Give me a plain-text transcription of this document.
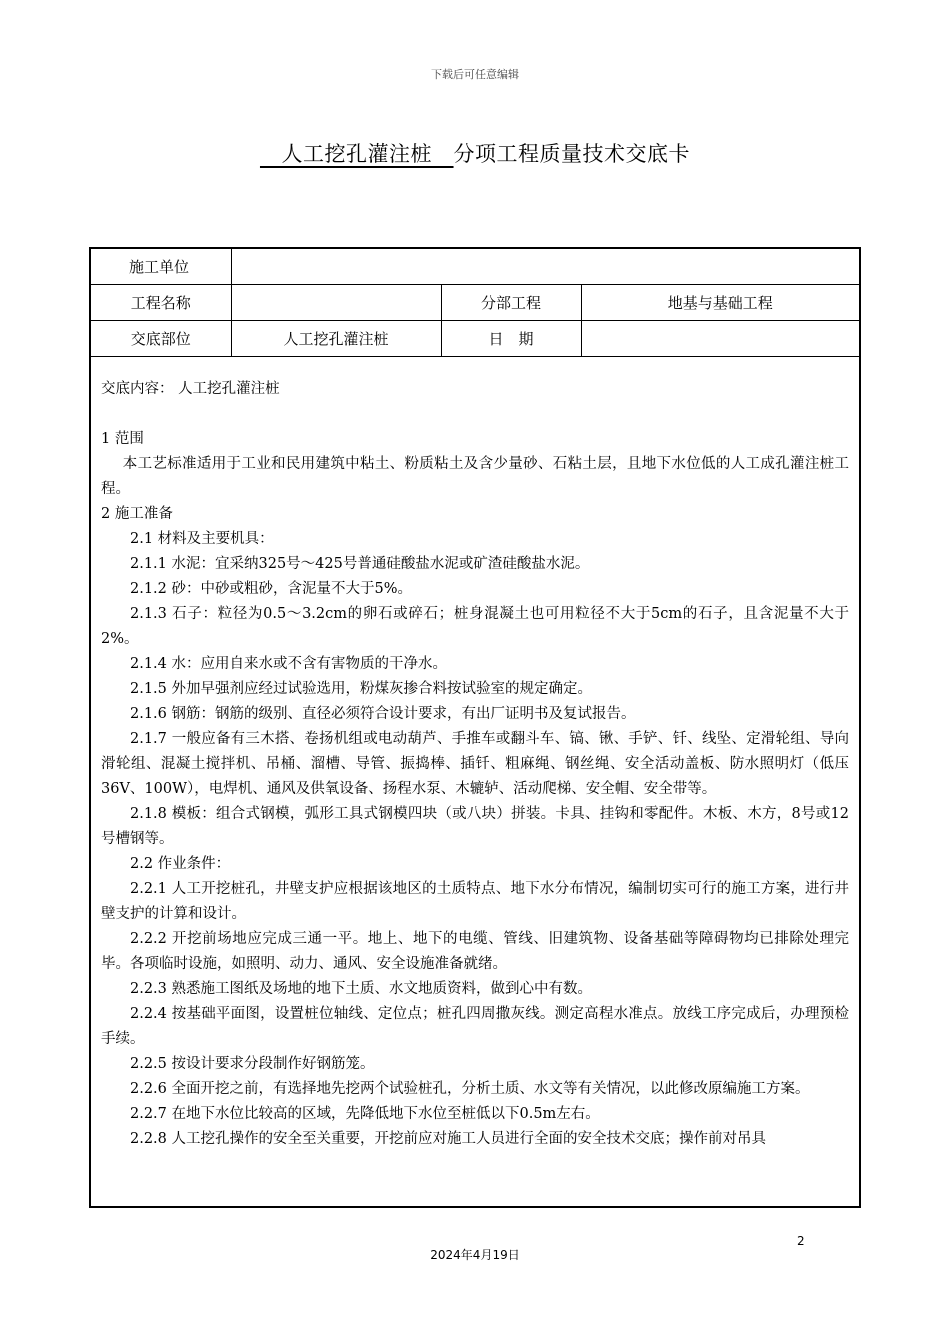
下载后可任意编辑
人工挖孔灌注桩   分项工程质量技术交底卡
施工单位			
工程名称		分部工程	地基与基础工程
交底部位	人工挖孔灌注桩	日　期	

交底内容： 人工挖孔灌注桩

1 范围

本工艺标准适用于工业和民用建筑中粘土、粉质粘土及含少量砂、石粘土层，且地下水位低的人工成孔灌注桩工程。

2 施工准备

2.1 材料及主要机具：

2.1.1 水泥：宜采纳325号～425号普通硅酸盐水泥或矿渣硅酸盐水泥。

2.1.2 砂：中砂或粗砂，含泥量不大于5%。

2.1.3 石子：粒径为0.5～3.2cm的卵石或碎石；桩身混凝土也可用粒径不大于5cm的石子，且含泥量不大于2%。

2.1.4 水：应用自来水或不含有害物质的干净水。

2.1.5 外加早强剂应经过试验选用，粉煤灰掺合料按试验室的规定确定。

2.1.6 钢筋：钢筋的级别、直径必须符合设计要求，有出厂证明书及复试报告。

2.1.7 一般应备有三木搭、卷扬机组或电动葫芦、手推车或翻斗车、镐、锹、手铲、钎、线坠、定滑轮组、导向滑轮组、混凝土搅拌机、吊桶、溜槽、导管、振捣棒、插钎、粗麻绳、钢丝绳、安全活动盖板、防水照明灯（低压36V、100W），电焊机、通风及供氧设备、扬程水泵、木辘轳、活动爬梯、安全帽、安全带等。

2.1.8 模板：组合式钢模，弧形工具式钢模四块（或八块）拼装。卡具、挂钩和零配件。木板、木方，8号或12号槽钢等。

2.2 作业条件：

2.2.1 人工开挖桩孔，井壁支护应根据该地区的土质特点、地下水分布情况，编制切实可行的施工方案，进行井壁支护的计算和设计。

2.2.2 开挖前场地应完成三通一平。地上、地下的电缆、管线、旧建筑物、设备基础等障碍物均已排除处理完毕。各项临时设施，如照明、动力、通风、安全设施准备就绪。

2.2.3 熟悉施工图纸及场地的地下土质、水文地质资料，做到心中有数。

2.2.4 按基础平面图，设置桩位轴线、定位点；桩孔四周撒灰线。测定高程水准点。放线工序完成后，办理预检手续。

2.2.5 按设计要求分段制作好钢筋笼。

2.2.6 全面开挖之前，有选择地先挖两个试验桩孔，分析土质、水文等有关情况，以此修改原编施工方案。

2.2.7 在地下水位比较高的区域，先降低地下水位至桩低以下0.5m左右。

2.2.8 人工挖孔操作的安全至关重要，开挖前应对施工人员进行全面的安全技术交底；操作前对吊具

2
2024年4月19日
